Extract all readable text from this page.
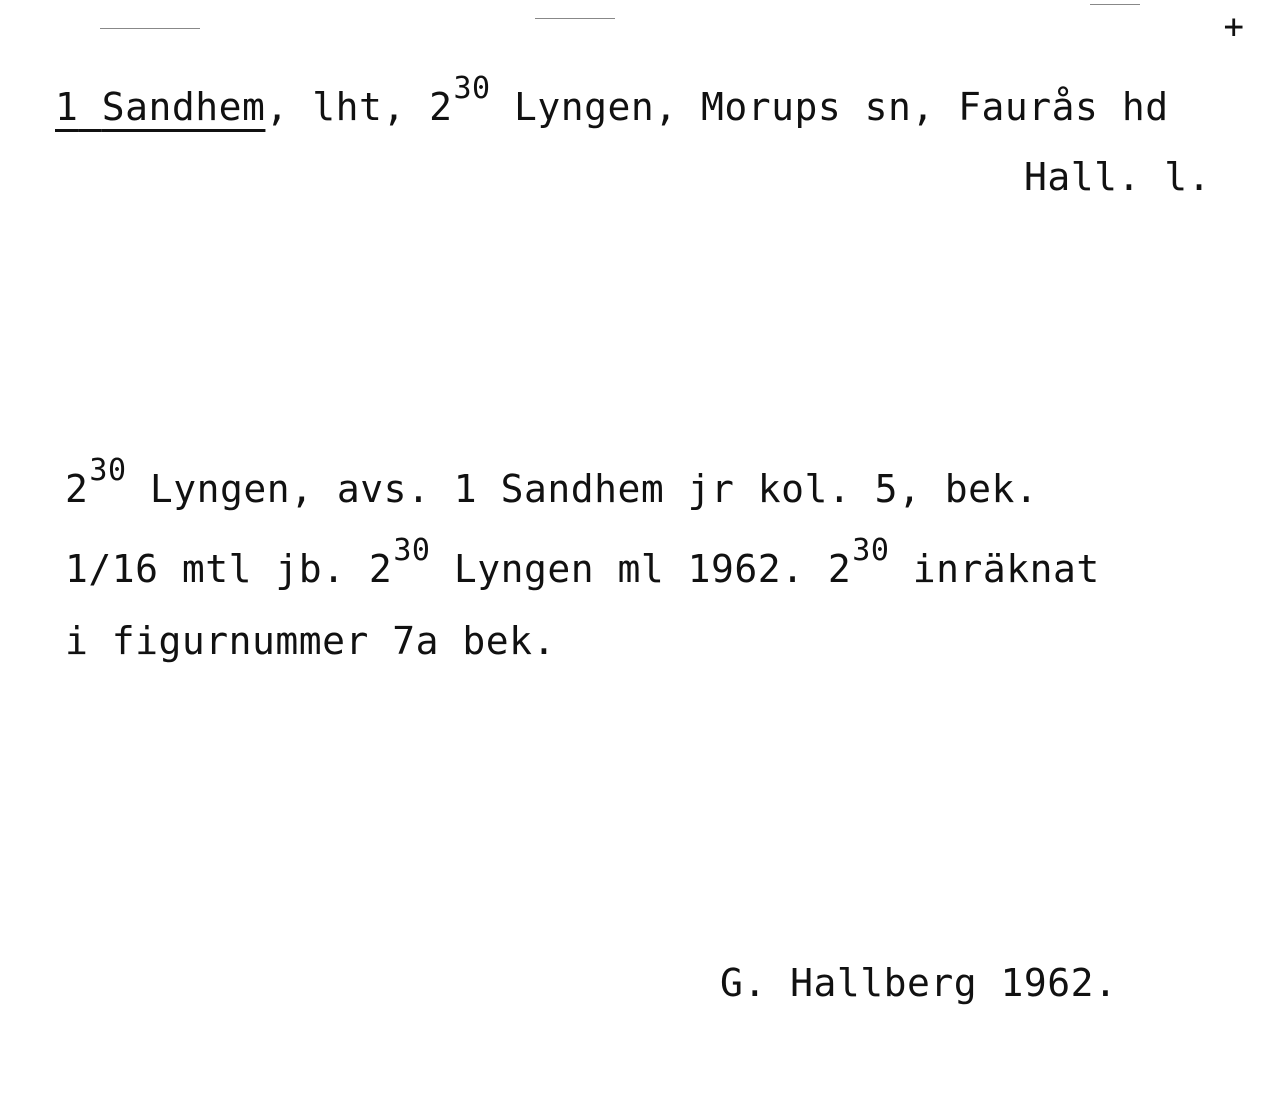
+
1 Sandhem, lht, $2^{30}$ Lyngen, Morups sn, Faurås hd
Hall. l.
$2^{30}$ Lyngen, avs. 1 Sandhem jr kol. 5, bek.
1/16 mtl jb. $2^{30}$ Lyngen ml 1962. $2^{30}$ inräknat
i figurnummer 7a bek.
G. Hallberg 1962.
